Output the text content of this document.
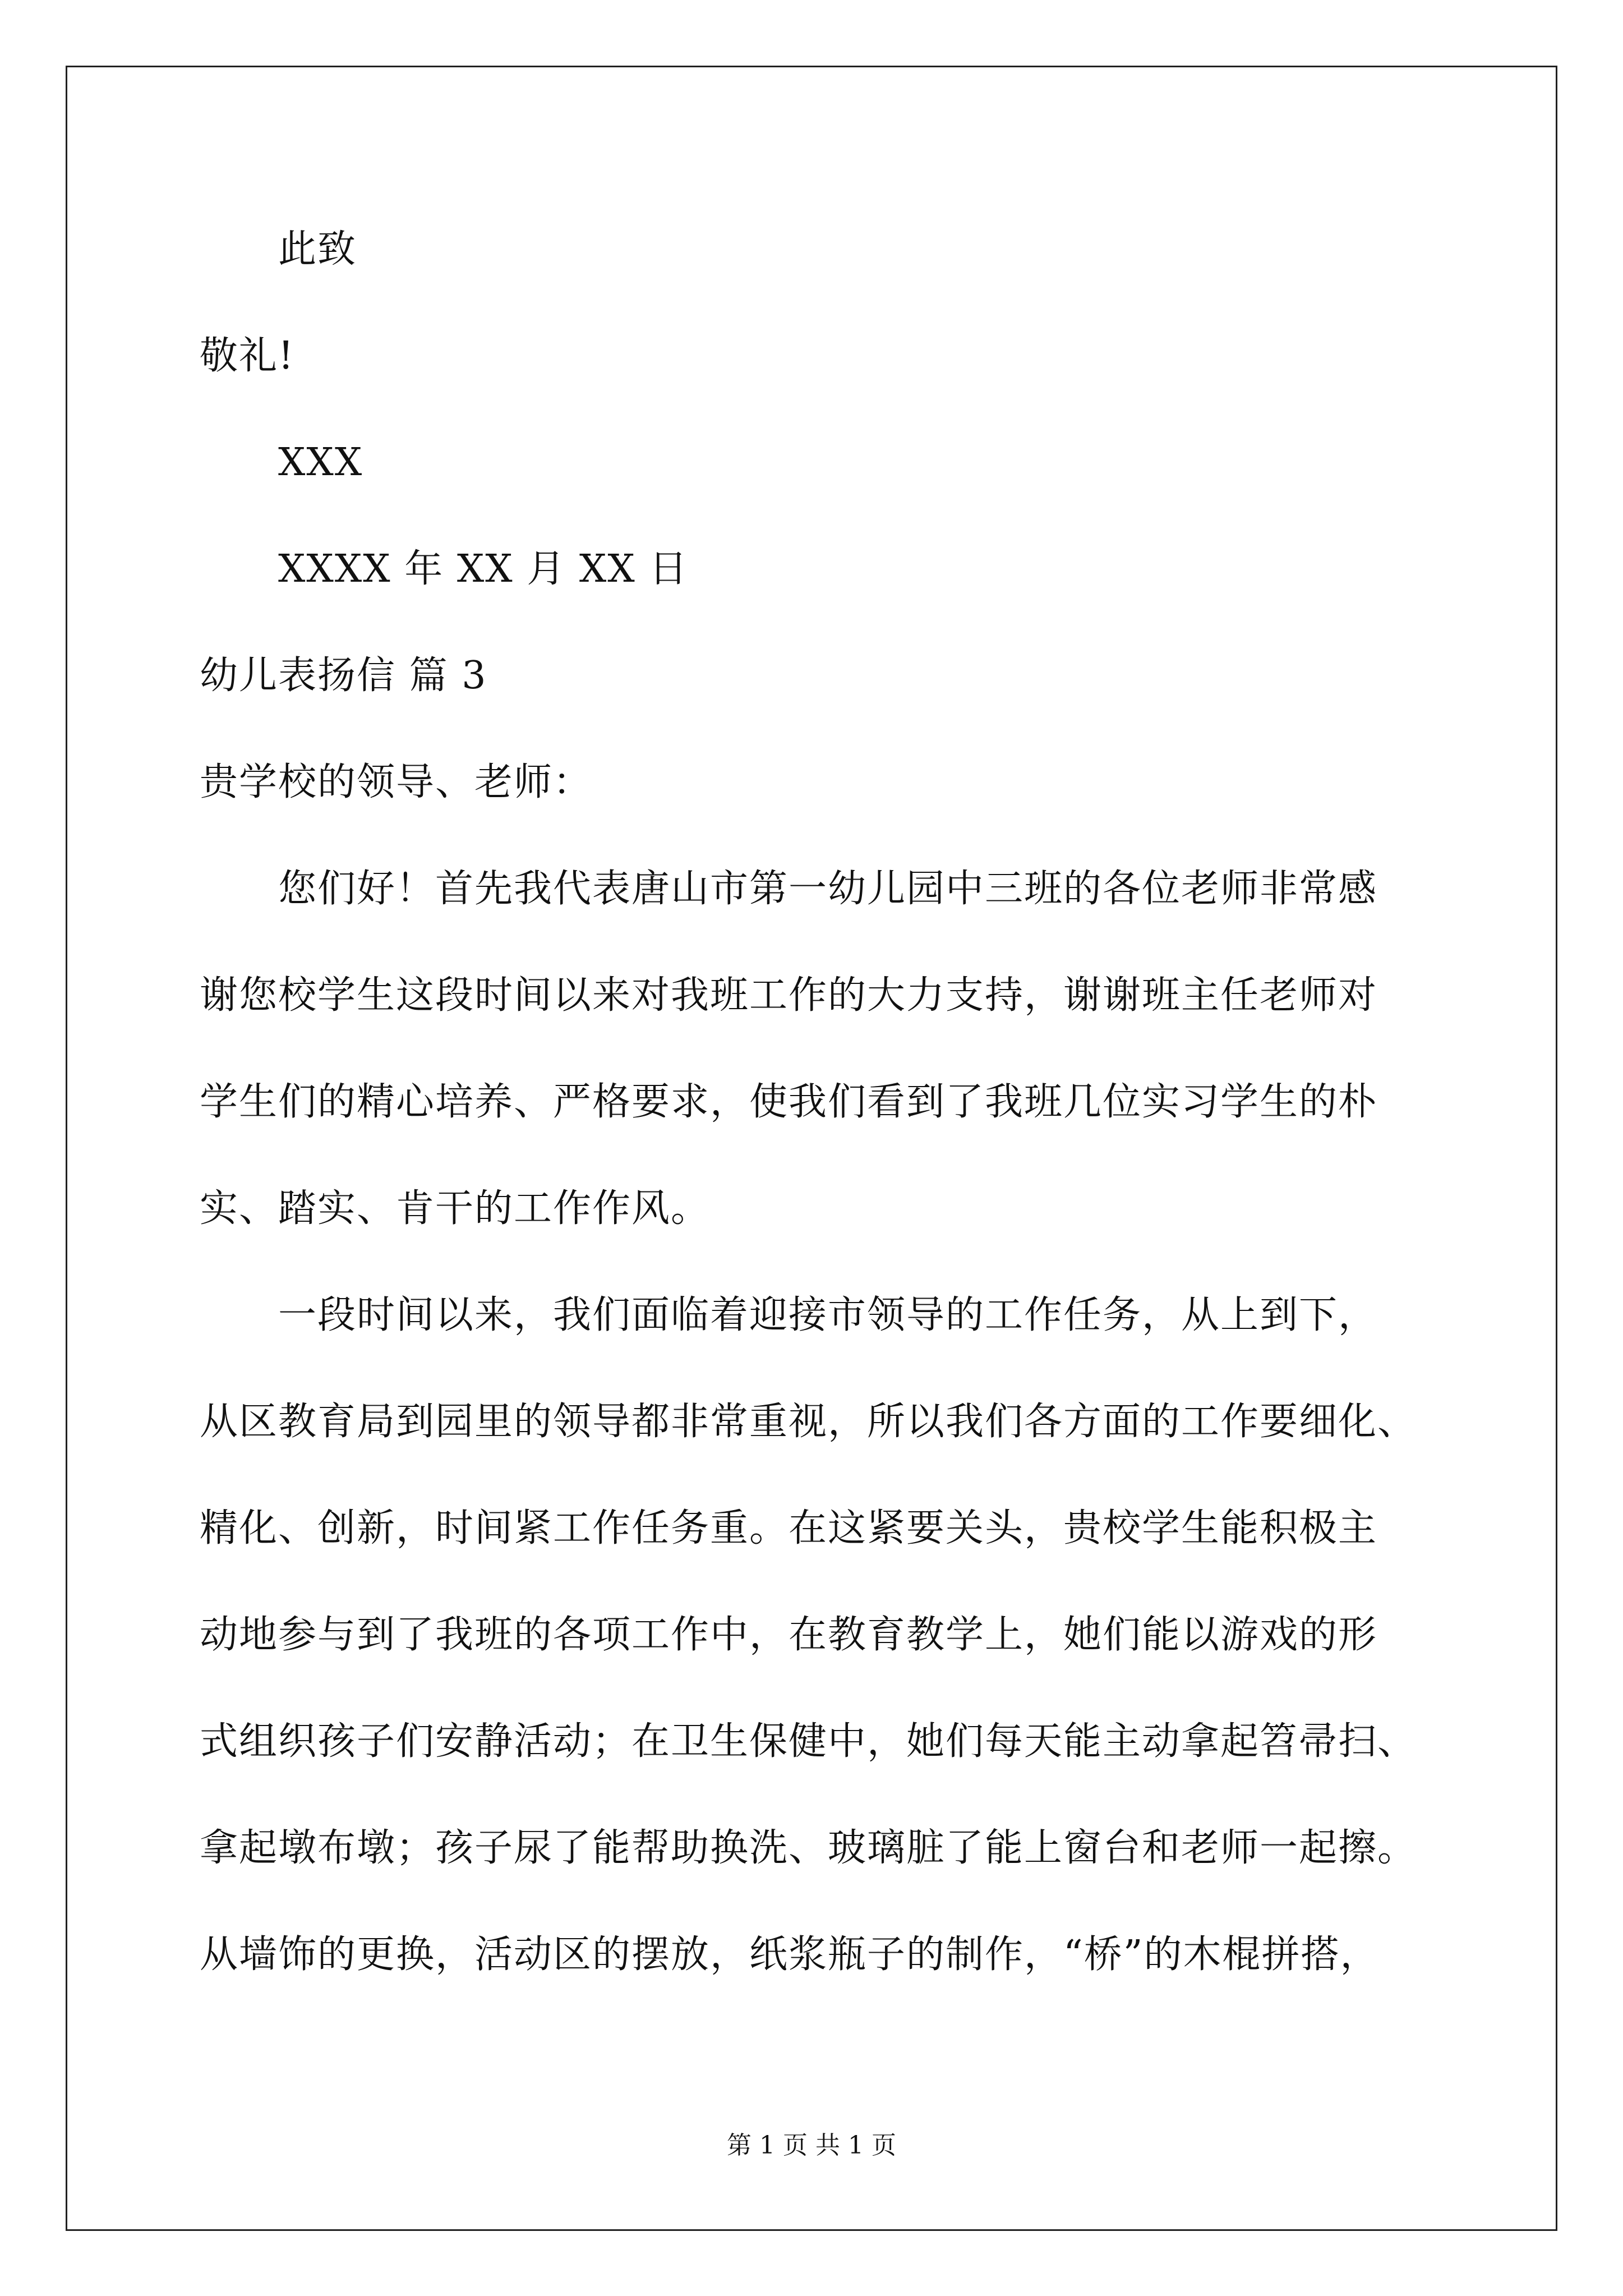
此致
敬礼!
XXX
XXXX 年 XX 月 XX 日
幼儿表扬信 篇 3
贵学校的领导、老师：
您们好！首先我代表唐山市第一幼儿园中三班的各位老师非常感
谢您校学生这段时间以来对我班工作的大力支持，谢谢班主任老师对
学生们的精心培养、严格要求，使我们看到了我班几位实习学生的朴
实、踏实、肯干的工作作风。
一段时间以来，我们面临着迎接市领导的工作任务，从上到下，
从区教育局到园里的领导都非常重视，所以我们各方面的工作要细化、
精化、创新，时间紧工作任务重。在这紧要关头，贵校学生能积极主
动地参与到了我班的各项工作中，在教育教学上，她们能以游戏的形
式组织孩子们安静活动；在卫生保健中，她们每天能主动拿起笤帚扫、
拿起墩布墩；孩子尿了能帮助换洗、玻璃脏了能上窗台和老师一起擦。
从墙饰的更换，活动区的摆放，纸浆瓶子的制作，“桥”的木棍拼搭，
第 1 页 共 1 页
